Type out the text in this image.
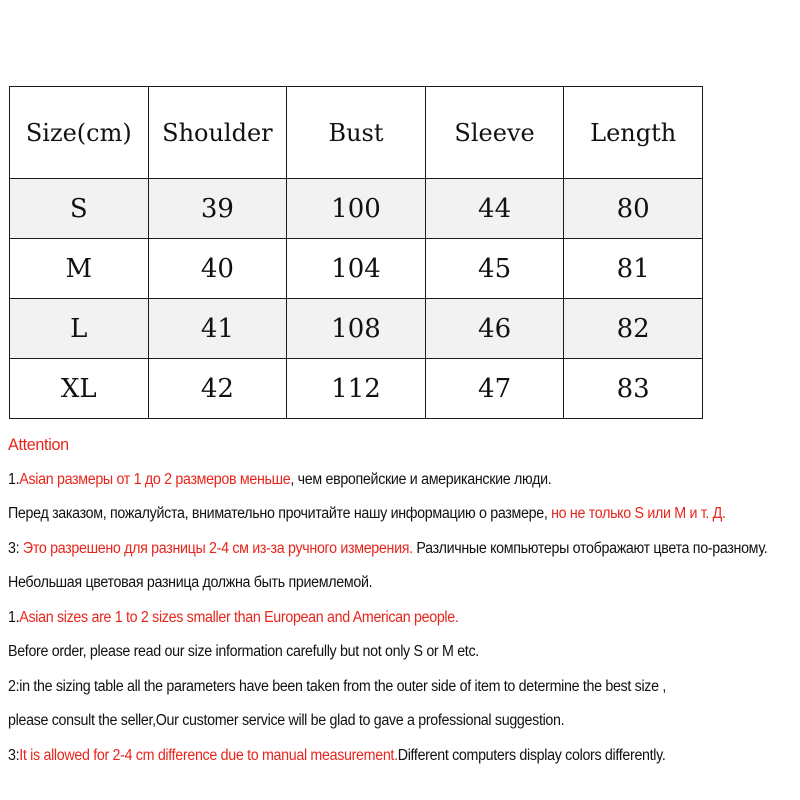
Size(cm)	Shoulder	Bust	Sleeve	Length
S	39	100	44	80
M	40	104	45	81
L	41	108	46	82
XL	42	112	47	83
Attention
1.Asian размеры от 1 до 2 размеров меньше, чем европейские и американские люди.
Перед заказом, пожалуйста, внимательно прочитайте нашу информацию о размере, но не только S или M и т. Д.
3: Это разрешено для разницы 2-4 см из-за ручного измерения. Различные компьютеры отображают цвета по-разному.
Небольшая цветовая разница должна быть приемлемой.
1.Asian sizes are 1 to 2 sizes smaller than European and American people.
Before order, please read our size information carefully but not only S or M etc.
2:in the sizing table all the parameters have been taken from the outer side of item to determine the best size ,
please consult the seller,Our customer service will be glad to gave a professional suggestion.
3:It is allowed for 2-4 cm difference due to manual measurement.Different computers display colors differently.
